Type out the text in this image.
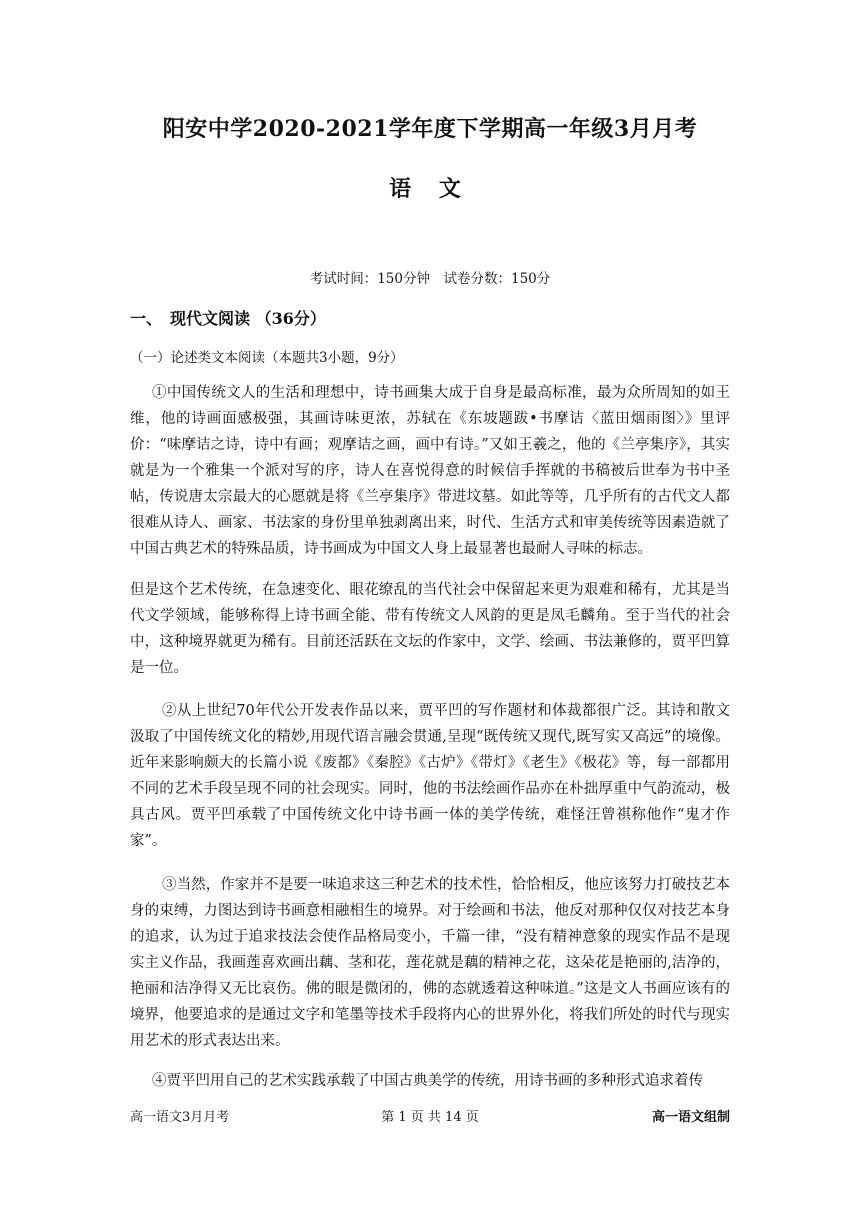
阳安中学2020-2021学年度下学期高一年级3月月考
语 文
考试时间：150分钟　试卷分数：150分
一、　现代文阅读 （36分）
（一）论述类文本阅读（本题共3小题，9分）

①中国传统文人的生活和理想中，诗书画集大成于自身是最高标准，最为众所周知的如王维，他的诗画面感极强，其画诗味更浓，苏轼在《东坡题跋•书摩诘〈蓝田烟雨图〉》里评价：“味摩诘之诗，诗中有画；观摩诘之画，画中有诗。”又如王羲之，他的《兰亭集序》，其实就是为一个雅集一个派对写的序，诗人在喜悦得意的时候信手挥就的书稿被后世奉为书中圣帖，传说唐太宗最大的心愿就是将《兰亭集序》带进坟墓。如此等等，几乎所有的古代文人都很难从诗人、画家、书法家的身份里单独剥离出来，时代、生活方式和审美传统等因素造就了中国古典艺术的特殊品质，诗书画成为中国文人身上最显著也最耐人寻味的标志。

但是这个艺术传统，在急速变化、眼花缭乱的当代社会中保留起来更为艰难和稀有，尤其是当代文学领域，能够称得上诗书画全能、带有传统文人风韵的更是凤毛麟角。至于当代的社会中，这种境界就更为稀有。目前还活跃在文坛的作家中，文学、绘画、书法兼修的，贾平凹算是一位。

②从上世纪70年代公开发表作品以来，贾平凹的写作题材和体裁都很广泛。其诗和散文汲取了中国传统文化的精妙,用现代语言融会贯通,呈现“既传统又现代,既写实又高远”的境像。近年来影响颇大的长篇小说《废都》《秦腔》《古炉》《带灯》《老生》《极花》等，每一部都用不同的艺术手段呈现不同的社会现实。同时，他的书法绘画作品亦在朴拙厚重中气韵流动，极具古风。贾平凹承载了中国传统文化中诗书画一体的美学传统，难怪汪曾祺称他作“鬼才作家”。

③当然，作家并不是要一味追求这三种艺术的技术性，恰恰相反，他应该努力打破技艺本身的束缚，力图达到诗书画意相融相生的境界。对于绘画和书法，他反对那种仅仅对技艺本身的追求，认为过于追求技法会使作品格局变小，千篇一律，“没有精神意象的现实作品不是现实主义作品，我画莲喜欢画出藕、茎和花，莲花就是藕的精神之花，这朵花是艳丽的,洁净的，艳丽和洁净得又无比哀伤。佛的眼是微闭的，佛的态就透着这种味道。”这是文人书画应该有的境界，他要追求的是通过文字和笔墨等技术手段将内心的世界外化，将我们所处的时代与现实用艺术的形式表达出来。

④贾平凹用自己的艺术实践承载了中国古典美学的传统，用诗书画的多种形式追求着传

高一语文3月月考	第 1 页 共 14 页	高一语文组制
